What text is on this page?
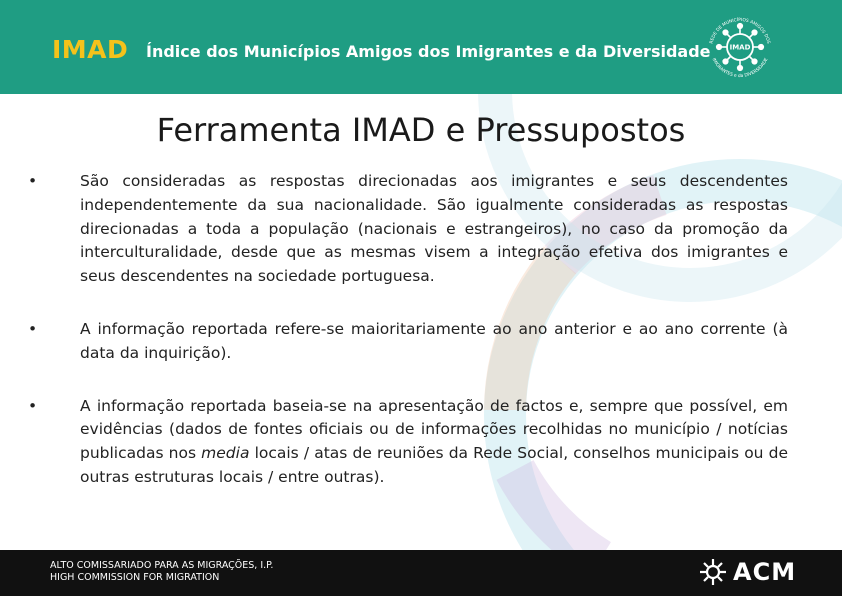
IMAD Índice dos Municípios Amigos dos Imigrantes e da Diversidade	IMAD
REDE DE MUNICÍPIOS AMIGOS DOS
IMIGRANTES e da DIVERSIDADE
Ferramenta IMAD e Pressupostos
•	São consideradas as respostas direcionadas aos imigrantes e seus descendentes independentemente da sua nacionalidade. São igualmente consideradas as respostas direcionadas a toda a população (nacionais e estrangeiros), no caso da promoção da interculturalidade, desde que as mesmas visem a integração efetiva dos imigrantes e seus descendentes na sociedade portuguesa.
•	A informação reportada refere-se maioritariamente ao ano anterior e ao ano corrente (à data da inquirição).
•	A informação reportada baseia-se na apresentação de factos e, sempre que possível, em evidências (dados de fontes oficiais ou de informações recolhidas no município / notícias publicadas nos media locais / atas de reuniões da Rede Social, conselhos municipais ou de outras estruturas locais / entre outras).
ALTO COMISSARIADO PARA AS MIGRAÇÕES, I.P.
HIGH COMMISSION FOR MIGRATION	ACM
